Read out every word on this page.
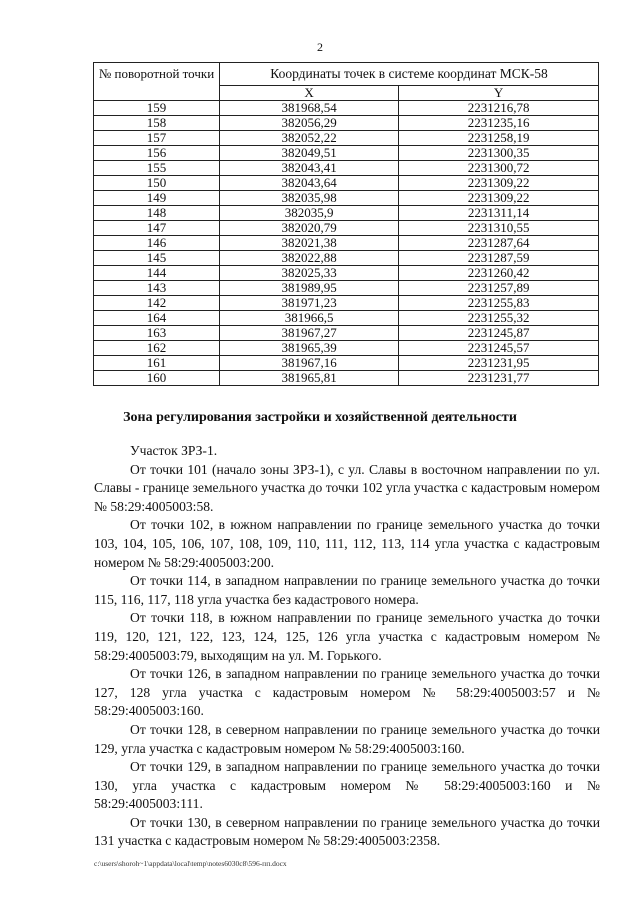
2
№ поворотной точки	Координаты точек в системе координат МСК-58	
	X	Y
159	381968,54	2231216,78
158	382056,29	2231235,16
157	382052,22	2231258,19
156	382049,51	2231300,35
155	382043,41	2231300,72
150	382043,64	2231309,22
149	382035,98	2231309,22
148	382035,9	2231311,14
147	382020,79	2231310,55
146	382021,38	2231287,64
145	382022,88	2231287,59
144	382025,33	2231260,42
143	381989,95	2231257,89
142	381971,23	2231255,83
164	381966,5	2231255,32
163	381967,27	2231245,87
162	381965,39	2231245,57
161	381967,16	2231231,95
160	381965,81	2231231,77
Зона регулирования застройки и хозяйственной деятельности

Участок ЗРЗ-1.

От точки 101 (начало зоны ЗРЗ-1), с ул. Славы в восточном направлении по ул. Славы - границе земельного участка до точки 102 угла участка с кадастровым номером № 58:29:4005003:58.

От точки 102, в южном направлении по границе земельного участка до точки 103, 104, 105, 106, 107, 108, 109, 110, 111, 112, 113, 114 угла участка с кадастровым номером № 58:29:4005003:200.

От точки 114, в западном направлении по границе земельного участка до точки 115, 116, 117, 118 угла участка без кадастрового номера.

От точки 118, в южном направлении по границе земельного участка до точки 119, 120, 121, 122, 123, 124, 125, 126 угла участка с кадастровым номером № 58:29:4005003:79, выходящим на ул. М. Горького.

От точки 126, в западном направлении по границе земельного участка до точки 127, 128 угла участка с кадастровым номером № 58:29:4005003:57 и № 58:29:4005003:160.

От точки 128, в северном направлении по границе земельного участка до точки 129, угла участка с кадастровым номером № 58:29:4005003:160.

От точки 129, в западном направлении по границе земельного участка до точки 130, угла участка с кадастровым номером № 58:29:4005003:160 и № 58:29:4005003:111.

От точки 130, в северном направлении по границе земельного участка до точки 131 участка с кадастровым номером № 58:29:4005003:2358.

c:\users\shoroh~1\appdata\local\temp\notes6030c8\596-пп.docx
